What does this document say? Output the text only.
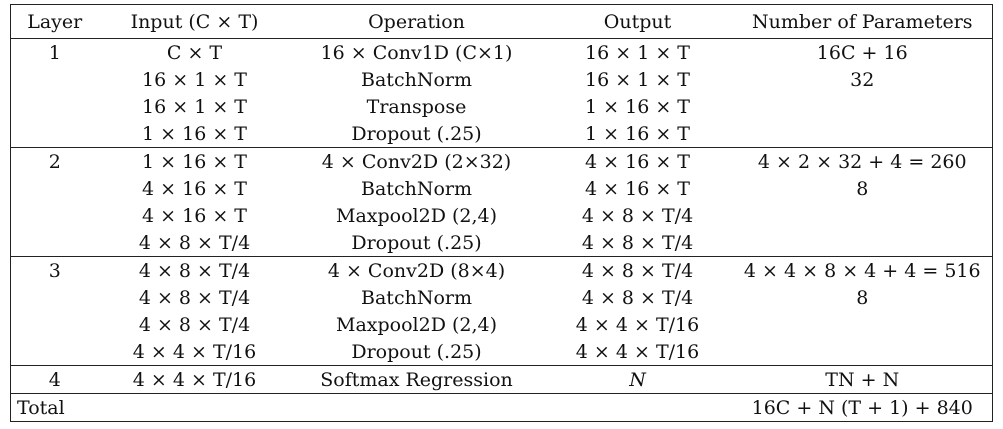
Layer	Input (C × T)	Operation	Output	Number of Parameters
1	C × T	16 × Conv1D (C×1)	16 × 1 × T	16C + 16
	16 × 1 × T	BatchNorm	16 × 1 × T	32
	16 × 1 × T	Transpose	1 × 16 × T	
	1 × 16 × T	Dropout (.25)	1 × 16 × T	
2	1 × 16 × T	4 × Conv2D (2×32)	4 × 16 × T	4 × 2 × 32 + 4 = 260
	4 × 16 × T	BatchNorm	4 × 16 × T	8
	4 × 16 × T	Maxpool2D (2,4)	4 × 8 × T/4	
	4 × 8 × T/4	Dropout (.25)	4 × 8 × T/4	
3	4 × 8 × T/4	4 × Conv2D (8×4)	4 × 8 × T/4	4 × 4 × 8 × 4 + 4 = 516
	4 × 8 × T/4	BatchNorm	4 × 8 × T/4	8
	4 × 8 × T/4	Maxpool2D (2,4)	4 × 4 × T/16	
	4 × 4 × T/16	Dropout (.25)	4 × 4 × T/16	
4	4 × 4 × T/16	Softmax Regression	N	TN + N
Total				16C + N (T + 1) + 840
